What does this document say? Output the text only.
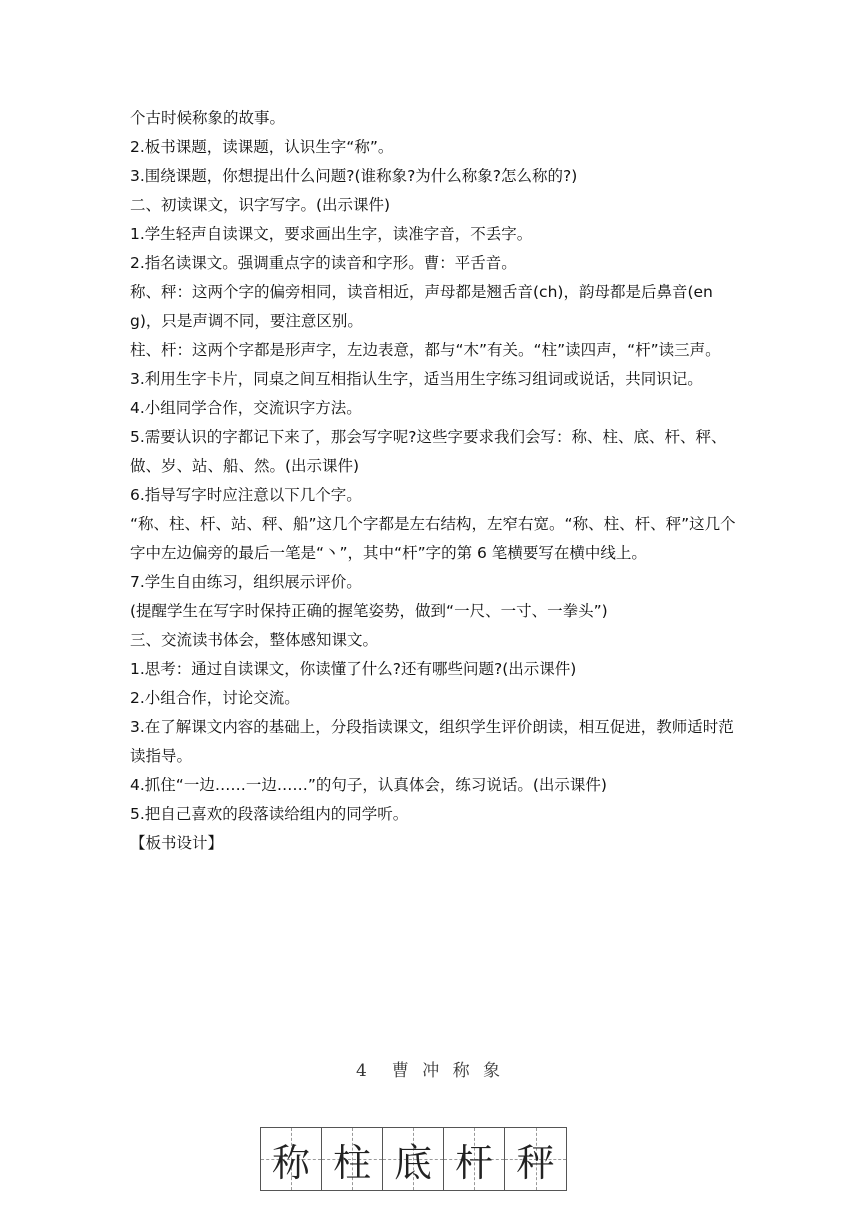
个古时候称象的故事。

2.板书课题，读课题，认识生字“称”。

3.围绕课题，你想提出什么问题?(谁称象?为什么称象?怎么称的?)

二、初读课文，识字写字。(出示课件)

1.学生轻声自读课文，要求画出生字，读准字音，不丢字。

2.指名读课文。强调重点字的读音和字形。曹：平舌音。

称、秤：这两个字的偏旁相同，读音相近，声母都是翘舌音(ch)，韵母都是后鼻音(eng)，只是声调不同，要注意区别。

柱、杆：这两个字都是形声字，左边表意，都与“木”有关。“柱”读四声，“杆”读三声。

3.利用生字卡片，同桌之间互相指认生字，适当用生字练习组词或说话，共同识记。

4.小组同学合作，交流识字方法。

5.需要认识的字都记下来了，那会写字呢?这些字要求我们会写：称、柱、底、杆、秤、做、岁、站、船、然。(出示课件)

6.指导写字时应注意以下几个字。

“称、柱、杆、站、秤、船”这几个字都是左右结构，左窄右宽。“称、柱、杆、秤”这几个字中左边偏旁的最后一笔是“丶”，其中“杆”字的第 6 笔横要写在横中线上。

7.学生自由练习，组织展示评价。

(提醒学生在写字时保持正确的握笔姿势，做到“一尺、一寸、一拳头”)

三、交流读书体会，整体感知课文。

1.思考：通过自读课文，你读懂了什么?还有哪些问题?(出示课件)

2.小组合作，讨论交流。

3.在了解课文内容的基础上，分段指读课文，组织学生评价朗读，相互促进，教师适时范读指导。

4.抓住“一边……一边……”的句子，认真体会，练习说话。(出示课件)

5.把自己喜欢的段落读给组内的同学听。

【板书设计】

4　曹 冲 称 象
称 柱 底 杆 秤
